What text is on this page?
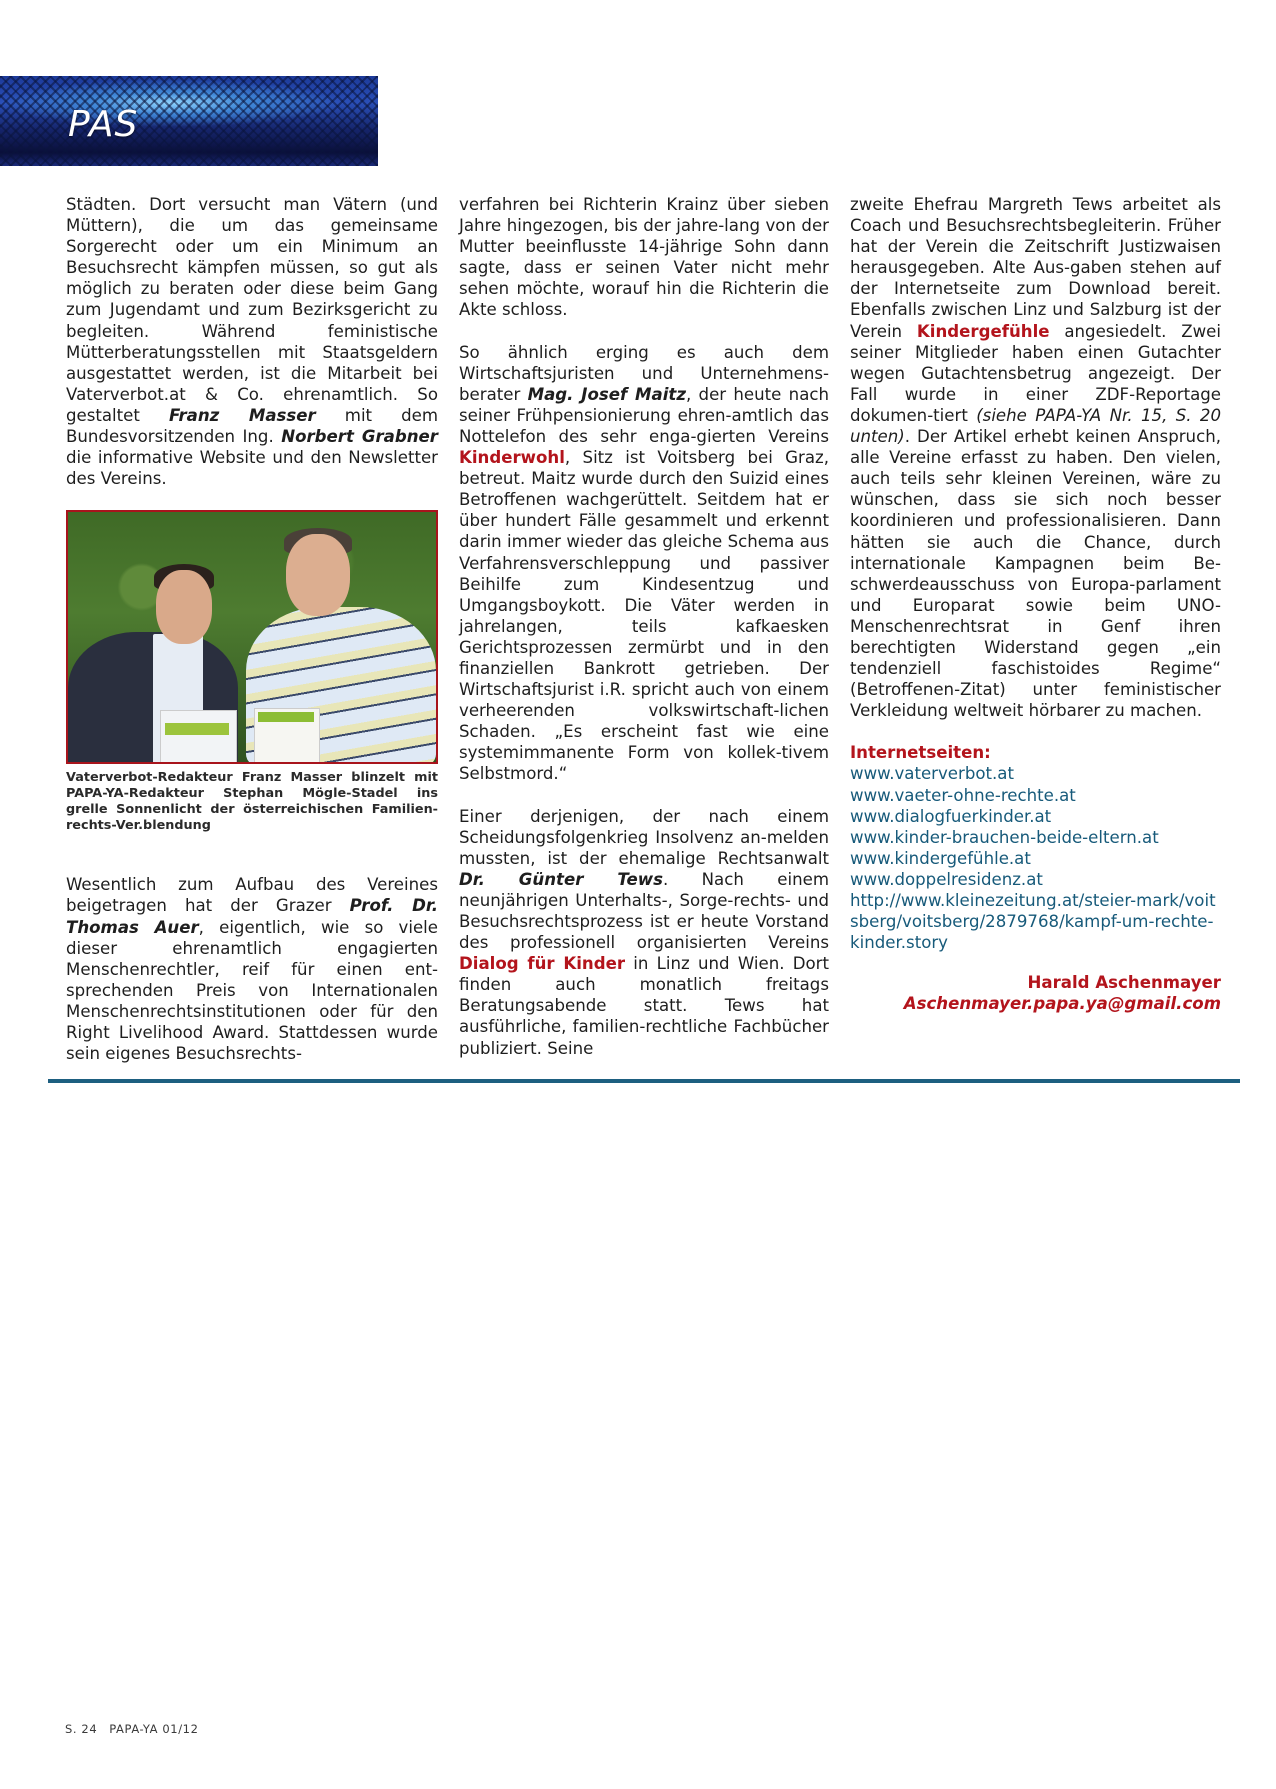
PAS

Städten. Dort versucht man Vätern (und Müttern), die um das gemeinsame Sorgerecht oder um ein Minimum an Besuchsrecht kämpfen müssen, so gut als möglich zu beraten oder diese beim Gang zum Jugendamt und zum Bezirksgericht zu begleiten. Während feministische Mütterberatungsstellen mit Staatsgeldern ausgestattet werden, ist die Mitarbeit bei Vaterverbot.at & Co. ehrenamtlich. So gestaltet Franz Masser mit dem Bundesvorsitzenden Ing. Norbert Grabner die informative Website und den Newsletter des Vereins.

Vaterverbot-Redakteur Franz Masser blinzelt mit PAPA-YA-Redakteur Stephan Mögle-Stadel ins grelle Sonnenlicht der österreichischen Familien-rechts-Ver.blendung

Wesentlich zum Aufbau des Vereines beigetragen hat der Grazer Prof. Dr. Thomas Auer, eigentlich, wie so viele dieser ehrenamtlich engagierten Menschenrechtler, reif für einen ent-sprechenden Preis von Internationalen Menschenrechtsinstitutionen oder für den Right Livelihood Award. Stattdessen wurde sein eigenes Besuchsrechts-

verfahren bei Richterin Krainz über sieben Jahre hingezogen, bis der jahre-lang von der Mutter beeinflusste 14-jährige Sohn dann sagte, dass er seinen Vater nicht mehr sehen möchte, worauf hin die Richterin die Akte schloss.

So ähnlich erging es auch dem Wirtschaftsjuristen und Unternehmens-berater Mag. Josef Maitz, der heute nach seiner Frühpensionierung ehren-amtlich das Nottelefon des sehr enga-gierten Vereins Kinderwohl, Sitz ist Voitsberg bei Graz, betreut. Maitz wurde durch den Suizid eines Betroffenen wachgerüttelt. Seitdem hat er über hundert Fälle gesammelt und erkennt darin immer wieder das gleiche Schema aus Verfahrensverschleppung und passiver Beihilfe zum Kindesentzug und Umgangsboykott. Die Väter werden in jahrelangen, teils kafkaesken Gerichtsprozessen zermürbt und in den finanziellen Bankrott getrieben. Der Wirtschaftsjurist i.R. spricht auch von einem verheerenden volkswirtschaft-lichen Schaden. „Es erscheint fast wie eine systemimmanente Form von kollek-tivem Selbstmord.“

Einer derjenigen, der nach einem Scheidungsfolgenkrieg Insolvenz an-melden mussten, ist der ehemalige Rechtsanwalt Dr. Günter Tews. Nach einem neunjährigen Unterhalts-, Sorge-rechts- und Besuchsrechtsprozess ist er heute Vorstand des professionell organisierten Vereins Dialog für Kinder in Linz und Wien. Dort finden auch monatlich freitags Beratungsabende statt. Tews hat ausführliche, familien-rechtliche Fachbücher publiziert. Seine

zweite Ehefrau Margreth Tews arbeitet als Coach und Besuchsrechtsbegleiterin. Früher hat der Verein die Zeitschrift Justizwaisen herausgegeben. Alte Aus-gaben stehen auf der Internetseite zum Download bereit. Ebenfalls zwischen Linz und Salzburg ist der Verein Kindergefühle angesiedelt. Zwei seiner Mitglieder haben einen Gutachter wegen Gutachtensbetrug angezeigt. Der Fall wurde in einer ZDF-Reportage dokumen-tiert (siehe PAPA-YA Nr. 15, S. 20 unten). Der Artikel erhebt keinen Anspruch, alle Vereine erfasst zu haben. Den vielen, auch teils sehr kleinen Vereinen, wäre zu wünschen, dass sie sich noch besser koordinieren und professionalisieren. Dann hätten sie auch die Chance, durch internationale Kampagnen beim Be-schwerdeausschuss von Europa-parlament und Europarat sowie beim UNO-Menschenrechtsrat in Genf ihren berechtigten Widerstand gegen „ein tendenziell faschistoides Regime“ (Betroffenen-Zitat) unter feministischer Verkleidung weltweit hörbarer zu machen.

Internetseiten:
www.vaterverbot.at
www.vaeter-ohne-rechte.at
www.dialogfuerkinder.at
www.kinder-brauchen-beide-eltern.at
www.kindergefühle.at
www.doppelresidenz.at
http://www.kleinezeitung.at/steier-mark/voitsberg/voitsberg/2879768/kampf-um-rechte-kinder.story
Harald Aschenmayer
Aschenmayer.papa.ya@gmail.com
S. 24 PAPA-YA 01/12
